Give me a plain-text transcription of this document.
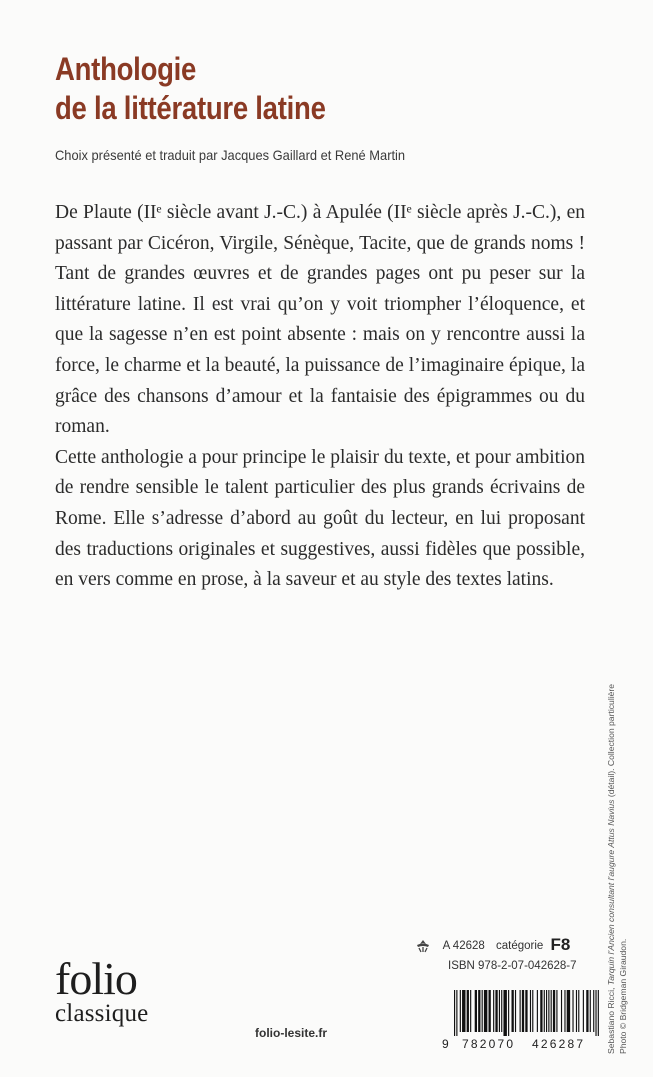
Anthologie
de la littérature latine
Choix présenté et traduit par Jacques Gaillard et René Martin

De Plaute (IIᵉ siècle avant J.-C.) à Apulée (IIᵉ siècle après J.-C.), en passant par Cicéron, Virgile, Sénèque, Tacite, que de grands noms ! Tant de grandes œuvres et de grandes pages ont pu peser sur la littérature latine. Il est vrai qu’on y voit triompher l’éloquence, et que la sagesse n’en est point absente : mais on y rencontre aussi la force, le charme et la beauté, la puissance de l’imaginaire épique, la grâce des chansons d’amour et la fantaisie des épigrammes ou du roman.

Cette anthologie a pour principe le plaisir du texte, et pour ambition de rendre sensible le talent particulier des plus grands écrivains de Rome. Elle s’adresse d’abord au goût du lecteur, en lui proposant des traductions originales et suggestives, aussi fidèles que possible, en vers comme en prose, à la saveur et au style des textes latins.

Sebastiano Ricci, Tarquin l’Ancien consultant l’augure Attus Navius (détail). Collection particulière
Photo © Bridgeman Giraudon.
A 42628 catégorie F8
ISBN 978-2-07-042628-7
9 782070 426287
folio
classique
folio-lesite.fr
